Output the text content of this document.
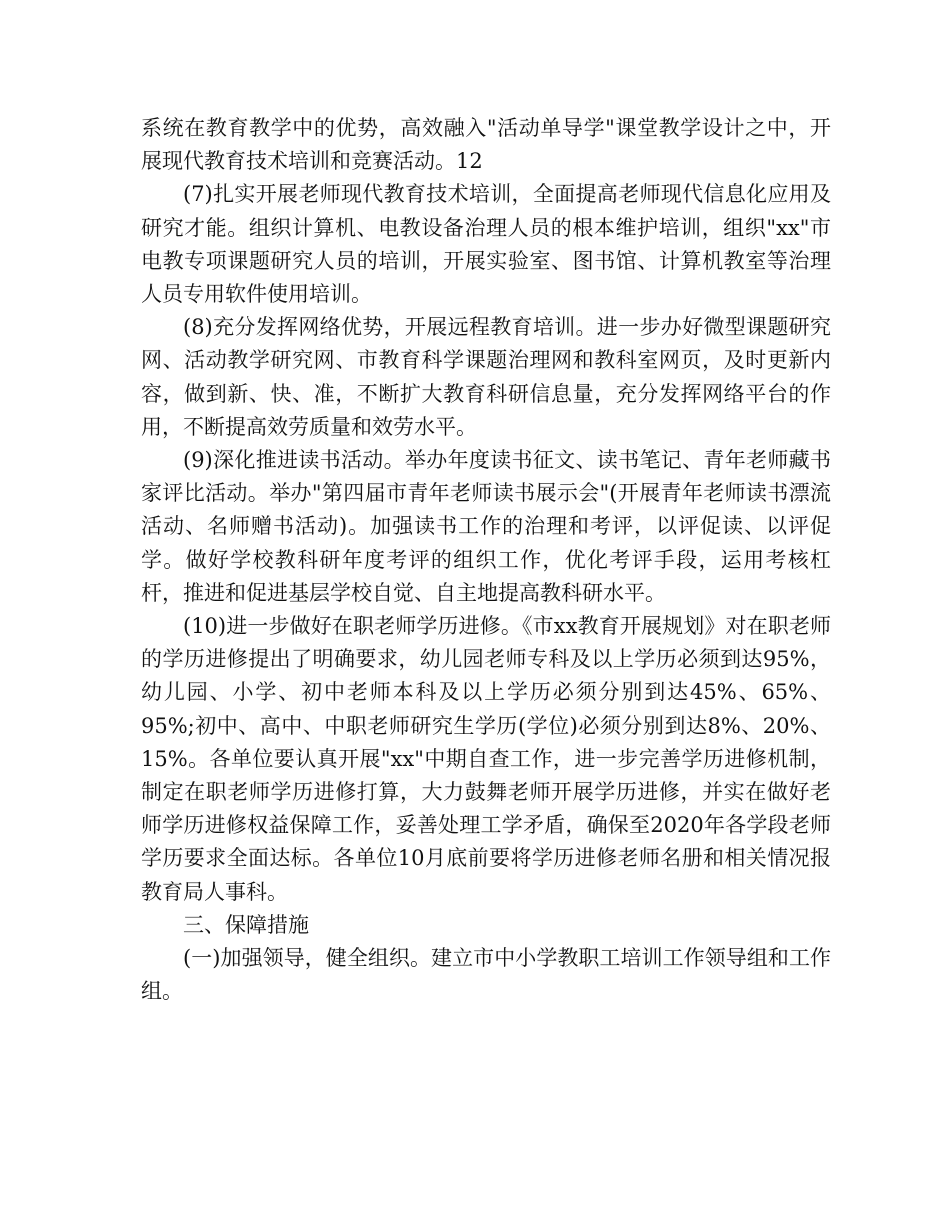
系统在教育教学中的优势，高效融入"活动单导学"课堂教学设计之中，开展现代教育技术培训和竞赛活动。12

(7)扎实开展老师现代教育技术培训，全面提高老师现代信息化应用及研究才能。组织计算机、电教设备治理人员的根本维护培训，组织"xx"市电教专项课题研究人员的培训，开展实验室、图书馆、计算机教室等治理人员专用软件使用培训。

(8)充分发挥网络优势，开展远程教育培训。进一步办好微型课题研究网、活动教学研究网、市教育科学课题治理网和教科室网页，及时更新内容，做到新、快、准，不断扩大教育科研信息量，充分发挥网络平台的作用，不断提高效劳质量和效劳水平。

(9)深化推进读书活动。举办年度读书征文、读书笔记、青年老师藏书家评比活动。举办"第四届市青年老师读书展示会"(开展青年老师读书漂流活动、名师赠书活动)。加强读书工作的治理和考评，以评促读、以评促学。做好学校教科研年度考评的组织工作，优化考评手段，运用考核杠杆，推进和促进基层学校自觉、自主地提高教科研水平。

(10)进一步做好在职老师学历进修。《市xx教育开展规划》对在职老师的学历进修提出了明确要求，幼儿园老师专科及以上学历必须到达95%，幼儿园、小学、初中老师本科及以上学历必须分别到达45%、65%、95%;初中、高中、中职老师研究生学历(学位)必须分别到达8%、20%、15%。各单位要认真开展"xx"中期自查工作，进一步完善学历进修机制，制定在职老师学历进修打算，大力鼓舞老师开展学历进修，并实在做好老师学历进修权益保障工作，妥善处理工学矛盾，确保至2020年各学段老师学历要求全面达标。各单位10月底前要将学历进修老师名册和相关情况报教育局人事科。

三、保障措施

(一)加强领导，健全组织。建立市中小学教职工培训工作领导组和工作组。
